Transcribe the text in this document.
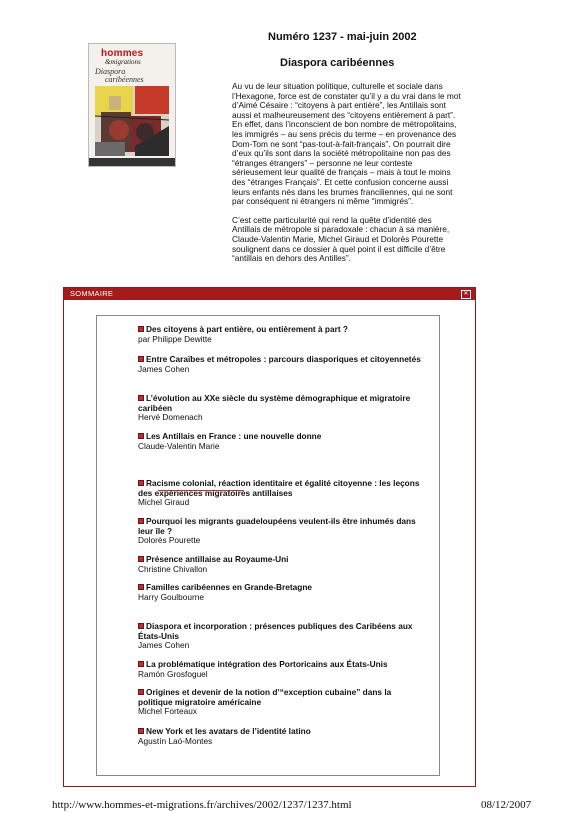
hommes
&migrations
Diaspora
caribéennes
Numéro 1237 - mai-juin 2002
Diaspora caribéennes

Au vu de leur situation politique, culturelle et sociale dans l’Hexagone, force est de constater qu’il y a du vrai dans le mot d’Aimé Césaire : “citoyens à part entière”, les Antillais sont aussi et malheureusement des “citoyens entièrement à part”. En effet, dans l’inconscient de bon nombre de métropolitains, les immigrés – au sens précis du terme – en provenance des Dom-Tom ne sont “pas-tout-à-fait-français”. On pourrait dire d’eux qu’ils sont dans la société métropolitaine non pas des “étranges étrangers” – personne ne leur conteste sérieusement leur qualité de français – mais à tout le moins des “étranges Français”. Et cette confusion concerne aussi leurs enfants nés dans les brumes franciliennes, qui ne sont par conséquent ni étrangers ni même “immigrés”.

C’est cette particularité qui rend la quête d’identité des Antillais de métropole si paradoxale : chacun à sa manière, Claude-Valentin Marie, Michel Giraud et Dolorès Pourette soulignent dans ce dossier à quel point il est difficile d’être “antillais en dehors des Antilles”.

SOMMAIRE	✕
Des citoyens à part entière, ou entièrement à part ?
par Philippe Dewitte
Entre Caraïbes et métropoles : parcours diasporiques et citoyennetés
James Cohen
L’évolution au XXe siècle du système démographique et migratoire caribéen
Hervé Domenach
Les Antillais en France : une nouvelle donne
Claude-Valentin Marie
Racisme colonial, réaction identitaire et égalité citoyenne : les leçons des expériences migratoires antillaises
Michel Giraud
Pourquoi les migrants guadeloupéens veulent-ils être inhumés dans leur île ?
Dolorès Pourette
Présence antillaise au Royaume-Uni
Christine Chivallon
Familles caribéennes en Grande-Bretagne
Harry Goulbourne
Diaspora et incorporation : présences publiques des Caribéens aux États-Unis
James Cohen
La problématique intégration des Portoricains aux États-Unis
Ramón Grosfoguel
Origines et devenir de la notion d’“exception cubaine” dans la politique migratoire américaine
Michel Forteaux
New York et les avatars de l’identité latino
Agustín Laó-Montes
http://www.hommes-et-migrations.fr/archives/2002/1237/1237.html	08/12/2007
